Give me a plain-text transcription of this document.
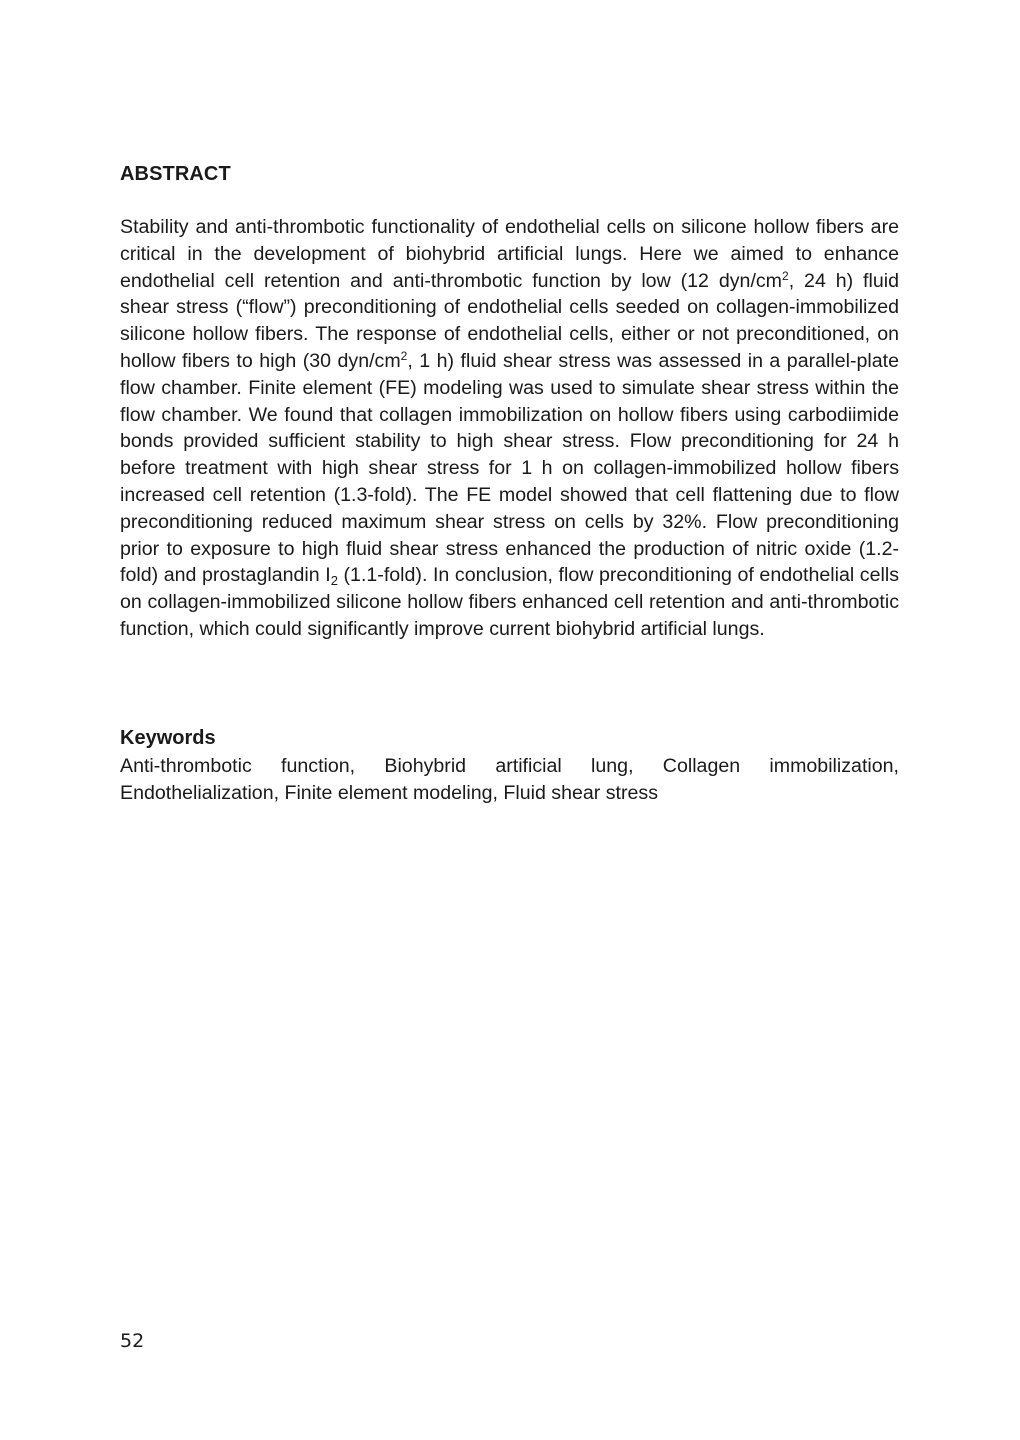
ABSTRACT
Stability and anti-thrombotic functionality of endothelial cells on silicone hollow fibers are critical in the development of biohybrid artificial lungs. Here we aimed to enhance endothelial cell retention and anti-thrombotic function by low (12 dyn/$cm^2$, 24 h) fluid shear stress (“flow”) preconditioning of endothelial cells seeded on collagen-immobilized silicone hollow fibers. The response of endothelial cells, either or not preconditioned, on hollow fibers to high (30 dyn/$cm^2$, 1 h) fluid shear stress was assessed in a parallel-plate flow chamber. Finite element (FE) modeling was used to simulate shear stress within the flow chamber. We found that collagen immobilization on hollow fibers using carbodiimide bonds provided sufficient stability to high shear stress. Flow preconditioning for 24 h before treatment with high shear stress for 1 h on collagen-immobilized hollow fibers increased cell retention (1.3-fold). The FE model showed that cell flattening due to flow preconditioning reduced maximum shear stress on cells by 32%. Flow preconditioning prior to exposure to high fluid shear stress enhanced the production of nitric oxide (1.2-fold) and prostaglandin $I_2$ (1.1-fold). In conclusion, flow preconditioning of endothelial cells on collagen-immobilized silicone hollow fibers enhanced cell retention and anti-thrombotic function, which could significantly improve current biohybrid artificial lungs.
Keywords
Anti-thrombotic function, Biohybrid artificial lung, Collagen immobilization, Endothelialization, Finite element modeling, Fluid shear stress
52
